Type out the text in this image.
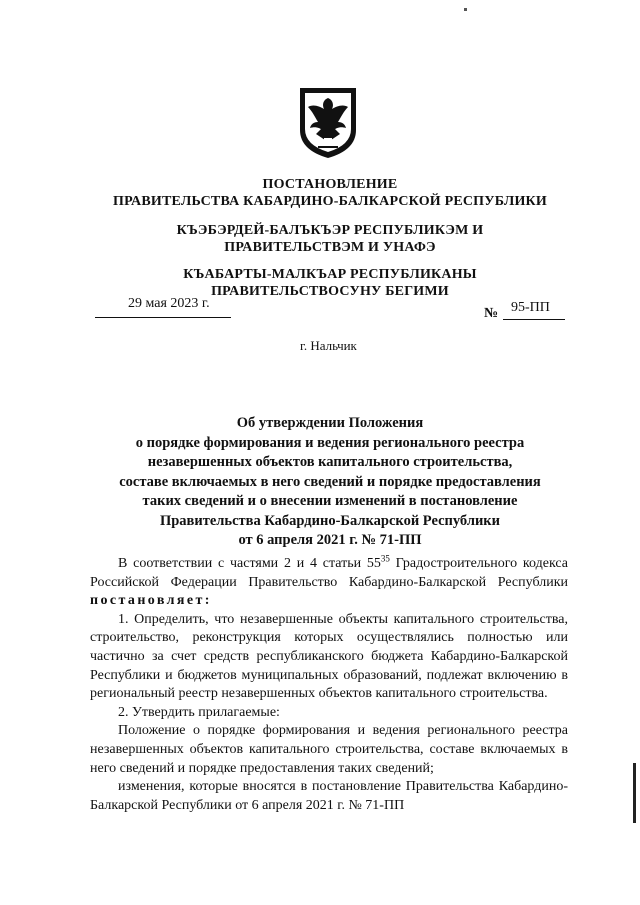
ПОСТАНОВЛЕНИЕ
ПРАВИТЕЛЬСТВА КАБАРДИНО-БАЛКАРСКОЙ РЕСПУБЛИКИ
КЪЭБЭРДЕЙ-БАЛЪКЪЭР РЕСПУБЛИКЭМ И ПРАВИТЕЛЬСТВЭМ И УНАФЭ
КЪАБАРТЫ-МАЛКЪАР РЕСПУБЛИКАНЫ ПРАВИТЕЛЬСТВОСУНУ БЕГИМИ
29 мая 2023 г.
№ 95-ПП
г. Нальчик
Об утверждении Положения
о порядке формирования и ведения регионального реестра
незавершенных объектов капитального строительства,
составе включаемых в него сведений и порядке предоставления
таких сведений и о внесении изменений в постановление
Правительства Кабардино-Балкарской Республики
от 6 апреля 2021 г. № 71-ПП

В соответствии с частями 2 и 4 статьи $55^{35}$ Градостроительного кодекса Российской Федерации Правительство Кабардино-Балкарской Республики постановляет:

1. Определить, что незавершенные объекты капитального строительства, строительство, реконструкция которых осуществлялись полностью или частично за счет средств республиканского бюджета Кабардино-Балкарской Республики и бюджетов муниципальных образований, подлежат включению в региональный реестр незавершенных объектов капитального строительства.

2. Утвердить прилагаемые:

Положение о порядке формирования и ведения регионального реестра незавершенных объектов капитального строительства, составе включаемых в него сведений и порядке предоставления таких сведений;

изменения, которые вносятся в постановление Правительства Кабардино-Балкарской Республики от 6 апреля 2021 г. № 71-ПП
